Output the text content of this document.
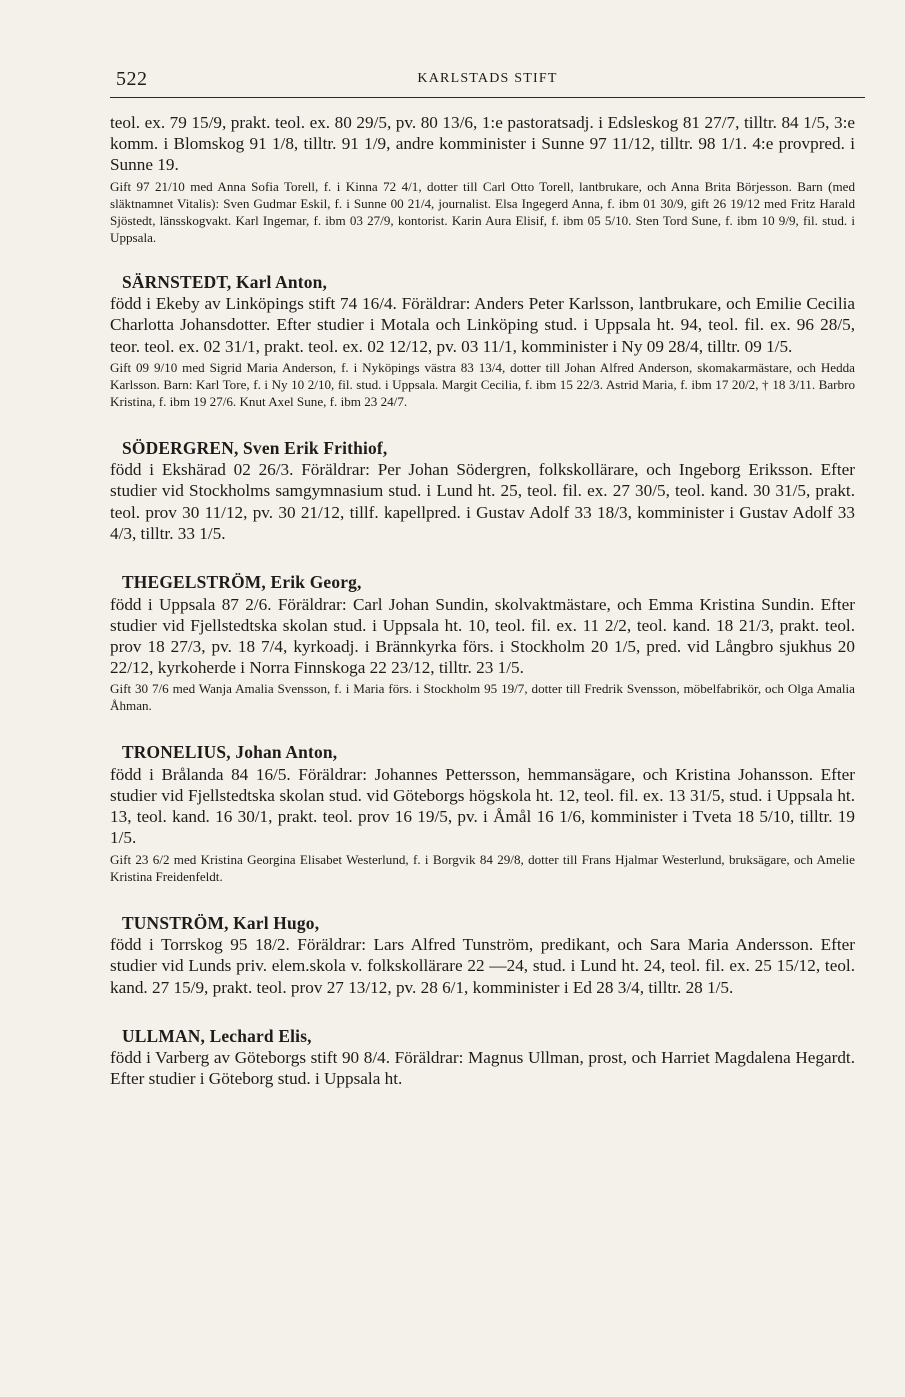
522	KARLSTADS STIFT

teol. ex. 79 15/9, prakt. teol. ex. 80 29/5, pv. 80 13/6, 1:e pastoratsadj. i Edsleskog 81 27/7, tilltr. 84 1/5, 3:e komm. i Blomskog 91 1/8, tilltr. 91 1/9, andre komminister i Sunne 97 11/12, tilltr. 98 1/1. 4:e provpred. i Sunne 19.

Gift 97 21/10 med Anna Sofia Torell, f. i Kinna 72 4/1, dotter till Carl Otto Torell, lantbrukare, och Anna Brita Börjesson. Barn (med släktnamnet Vitalis): Sven Gudmar Eskil, f. i Sunne 00 21/4, journalist. Elsa Ingegerd Anna, f. ibm 01 30/9, gift 26 19/12 med Fritz Harald Sjöstedt, länsskogvakt. Karl Ingemar, f. ibm 03 27/9, kontorist. Karin Aura Elisif, f. ibm 05 5/10. Sten Tord Sune, f. ibm 10 9/9, fil. stud. i Uppsala.

SÄRNSTEDT, Karl Anton,

född i Ekeby av Linköpings stift 74 16/4. Föräldrar: Anders Peter Karlsson, lantbrukare, och Emilie Cecilia Charlotta Johansdotter. Efter studier i Motala och Linköping stud. i Uppsala ht. 94, teol. fil. ex. 96 28/5, teor. teol. ex. 02 31/1, prakt. teol. ex. 02 12/12, pv. 03 11/1, komminister i Ny 09 28/4, tilltr. 09 1/5.

Gift 09 9/10 med Sigrid Maria Anderson, f. i Nyköpings västra 83 13/4, dotter till Johan Alfred Anderson, skomakarmästare, och Hedda Karlsson. Barn: Karl Tore, f. i Ny 10 2/10, fil. stud. i Uppsala. Margit Cecilia, f. ibm 15 22/3. Astrid Maria, f. ibm 17 20/2, † 18 3/11. Barbro Kristina, f. ibm 19 27/6. Knut Axel Sune, f. ibm 23 24/7.

SÖDERGREN, Sven Erik Frithiof,

född i Ekshärad 02 26/3. Föräldrar: Per Johan Södergren, folkskollärare, och Ingeborg Eriksson. Efter studier vid Stockholms samgymnasium stud. i Lund ht. 25, teol. fil. ex. 27 30/5, teol. kand. 30 31/5, prakt. teol. prov 30 11/12, pv. 30 21/12, tillf. kapellpred. i Gustav Adolf 33 18/3, komminister i Gustav Adolf 33 4/3, tilltr. 33 1/5.

THEGELSTRÖM, Erik Georg,

född i Uppsala 87 2/6. Föräldrar: Carl Johan Sundin, skolvaktmästare, och Emma Kristina Sundin. Efter studier vid Fjellstedtska skolan stud. i Uppsala ht. 10, teol. fil. ex. 11 2/2, teol. kand. 18 21/3, prakt. teol. prov 18 27/3, pv. 18 7/4, kyrkoadj. i Brännkyrka förs. i Stockholm 20 1/5, pred. vid Långbro sjukhus 20 22/12, kyrkoherde i Norra Finnskoga 22 23/12, tilltr. 23 1/5.

Gift 30 7/6 med Wanja Amalia Svensson, f. i Maria förs. i Stockholm 95 19/7, dotter till Fredrik Svensson, möbelfabrikör, och Olga Amalia Åhman.

TRONELIUS, Johan Anton,

född i Brålanda 84 16/5. Föräldrar: Johannes Pettersson, hemmansägare, och Kristina Johansson. Efter studier vid Fjellstedtska skolan stud. vid Göteborgs högskola ht. 12, teol. fil. ex. 13 31/5, stud. i Uppsala ht. 13, teol. kand. 16 30/1, prakt. teol. prov 16 19/5, pv. i Åmål 16 1/6, komminister i Tveta 18 5/10, tilltr. 19 1/5.

Gift 23 6/2 med Kristina Georgina Elisabet Westerlund, f. i Borgvik 84 29/8, dotter till Frans Hjalmar Westerlund, bruksägare, och Amelie Kristina Freidenfeldt.

TUNSTRÖM, Karl Hugo,

född i Torrskog 95 18/2. Föräldrar: Lars Alfred Tunström, predikant, och Sara Maria Andersson. Efter studier vid Lunds priv. elem.skola v. folkskollärare 22 —24, stud. i Lund ht. 24, teol. fil. ex. 25 15/12, teol. kand. 27 15/9, prakt. teol. prov 27 13/12, pv. 28 6/1, komminister i Ed 28 3/4, tilltr. 28 1/5.

ULLMAN, Lechard Elis,

född i Varberg av Göteborgs stift 90 8/4. Föräldrar: Magnus Ullman, prost, och Harriet Magdalena Hegardt. Efter studier i Göteborg stud. i Uppsala ht.
